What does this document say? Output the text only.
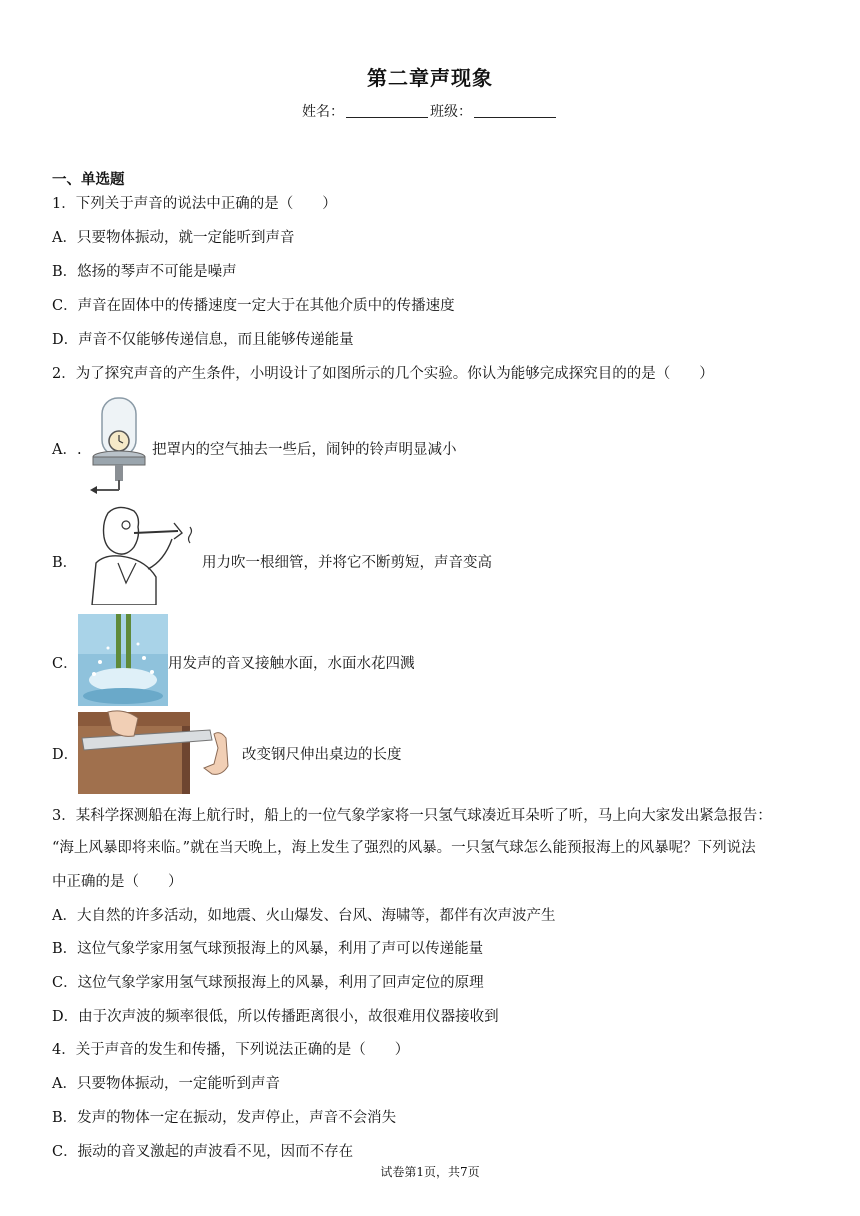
第二章声现象
姓名：	班级：
一、单选题
1．下列关于声音的说法中正确的是（　　）
A．只要物体振动，就一定能听到声音
B．悠扬的琴声不可能是噪声
C．声音在固体中的传播速度一定大于在其他介质中的传播速度
D．声音不仅能够传递信息，而且能够传递能量
2．为了探究声音的产生条件，小明设计了如图所示的几个实验。你认为能够完成探究目的的是（　　）
A．.	把罩内的空气抽去一些后，闹钟的铃声明显减小
B．	用力吹一根细管，并将它不断剪短，声音变高
C．	用发声的音叉接触水面，水面水花四溅
D．	改变钢尺伸出桌边的长度
3．某科学探测船在海上航行时，船上的一位气象学家将一只氢气球凑近耳朵听了听，马上向大家发出紧急报告：
“海上风暴即将来临。”就在当天晚上，海上发生了强烈的风暴。一只氢气球怎么能预报海上的风暴呢？下列说法
中正确的是（　　）
A．大自然的许多活动，如地震、火山爆发、台风、海啸等，都伴有次声波产生
B．这位气象学家用氢气球预报海上的风暴，利用了声可以传递能量
C．这位气象学家用氢气球预报海上的风暴，利用了回声定位的原理
D．由于次声波的频率很低，所以传播距离很小，故很难用仪器接收到
4．关于声音的发生和传播，下列说法正确的是（　　）
A．只要物体振动，一定能听到声音
B．发声的物体一定在振动，发声停止，声音不会消失
C．振动的音叉激起的声波看不见，因而不存在
试卷第1页，共7页
